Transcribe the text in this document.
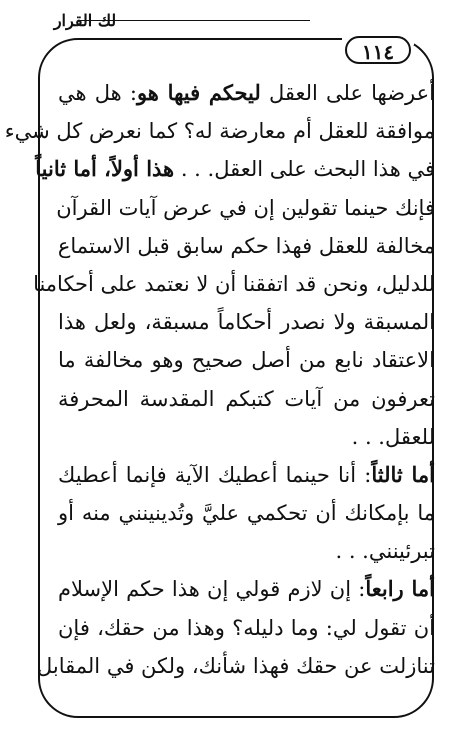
لك القرار
١١٤
أعرضها على العقل ليحكم فيها هو: هل هي
موافقة للعقل أم معارضة له؟ كما نعرض كل شيء
في هذا البحث على العقل. . . هذا أولاً، أما ثانياً
فإنك حينما تقولين إن في عرض آيات القرآن
مخالفة للعقل فهذا حكم سابق قبل الاستماع
للدليل، ونحن قد اتفقنا أن لا نعتمد على أحكامنا
المسبقة ولا نصدر أحكاماً مسبقة، ولعل هذا
الاعتقاد نابع من أصل صحيح وهو مخالفة ما
تعرفون من آيات كتبكم المقدسة المحرفة
للعقل. . .
أما ثالثاً: أنا حينما أعطيك الآية فإنما أعطيك
ما بإمكانك أن تحكمي عليَّ وتُدينينني منه أو
تبرئينني. . .
أما رابعاً: إن لازم قولي إن هذا حكم الإسلام
أن تقول لي: وما دليله؟ وهذا من حقك، فإن
تنازلت عن حقك فهذا شأنك، ولكن في المقابل
